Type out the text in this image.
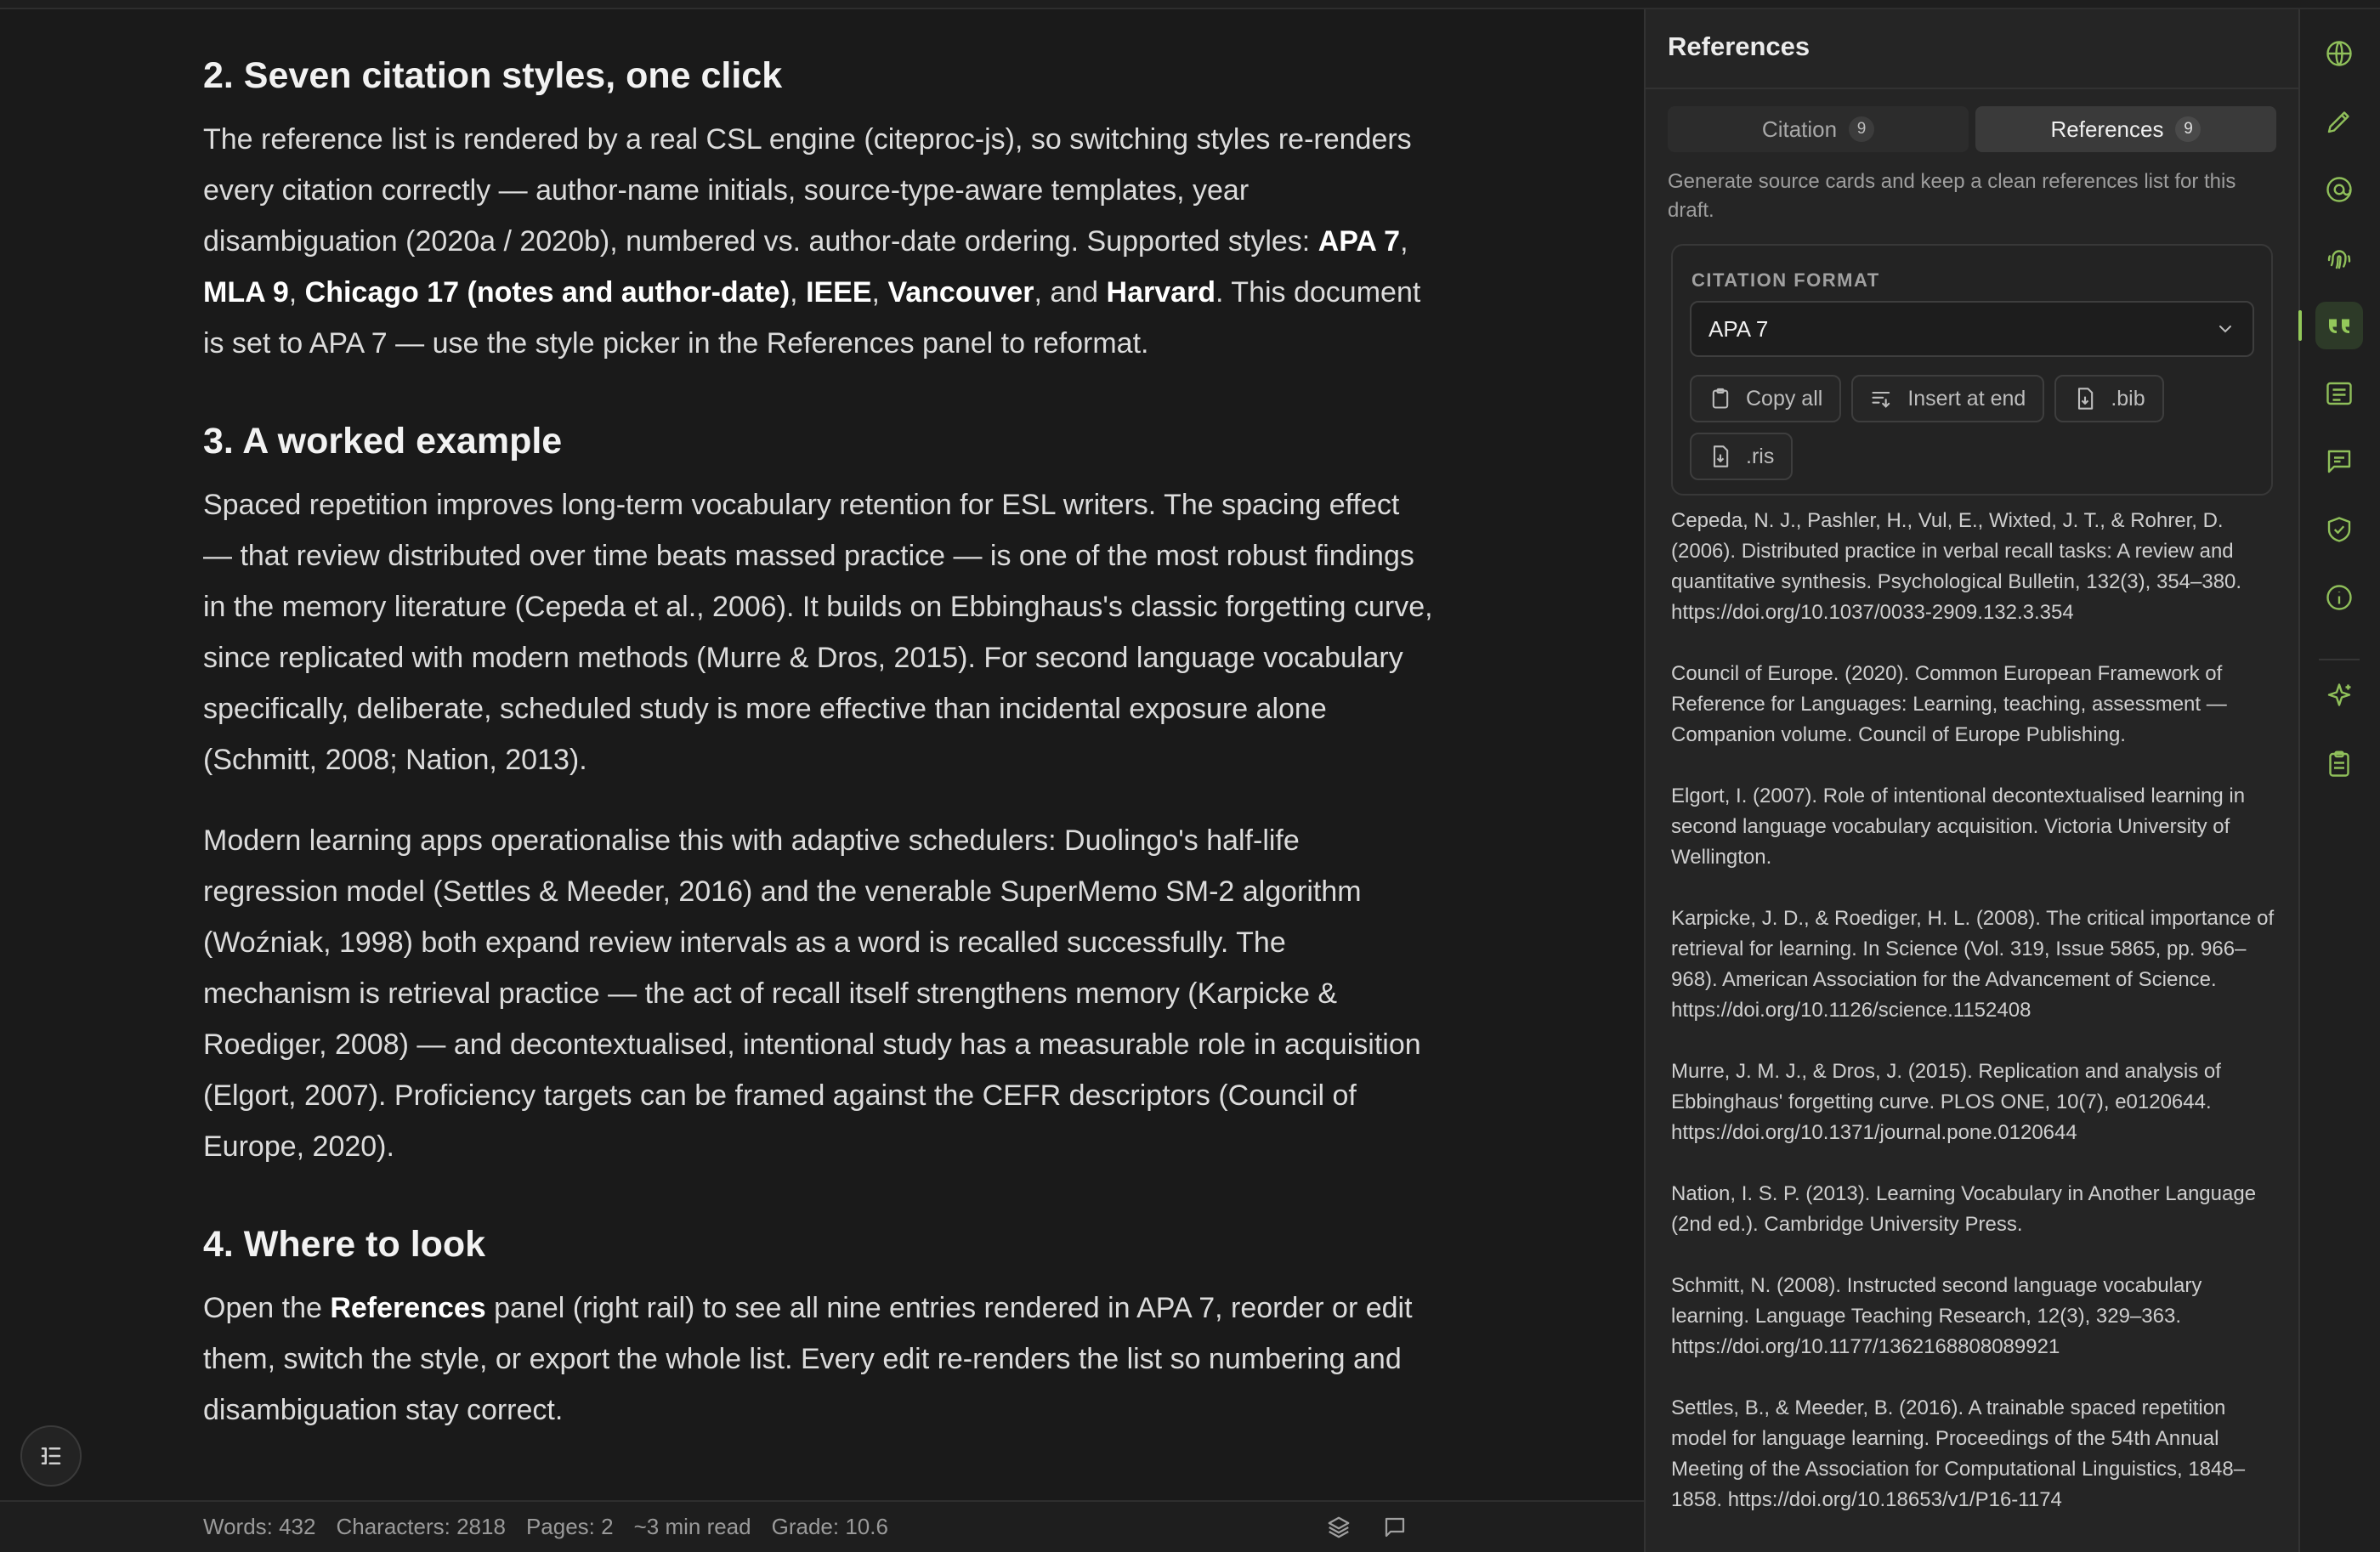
2. Seven citation styles, one click

The reference list is rendered by a real CSL engine (citeproc-js), so switching styles re-renders every citation correctly — author-name initials, source-type-aware templates, year disambiguation (2020a / 2020b), numbered vs. author-date ordering. Supported styles: APA 7, MLA 9, Chicago 17 (notes and author-date), IEEE, Vancouver, and Harvard. This document is set to APA 7 — use the style picker in the References panel to reformat.

3. A worked example

Spaced repetition improves long-term vocabulary retention for ESL writers. The spacing effect — that review distributed over time beats massed practice — is one of the most robust findings in the memory literature (Cepeda et al., 2006). It builds on Ebbinghaus's classic forgetting curve, since replicated with modern methods (Murre & Dros, 2015). For second language vocabulary specifically, deliberate, scheduled study is more effective than incidental exposure alone (Schmitt, 2008; Nation, 2013).

Modern learning apps operationalise this with adaptive schedulers: Duolingo's half-life regression model (Settles & Meeder, 2016) and the venerable SuperMemo SM-2 algorithm (Woźniak, 1998) both expand review intervals as a word is recalled successfully. The mechanism is retrieval practice — the act of recall itself strengthens memory (Karpicke & Roediger, 2008) — and decontextualised, intentional study has a measurable role in acquisition (Elgort, 2007). Proficiency targets can be framed against the CEFR descriptors (Council of Europe, 2020).

4. Where to look

Open the References panel (right rail) to see all nine entries rendered in APA 7, reorder or edit them, switch the style, or export the whole list. Every edit re-renders the list so numbering and disambiguation stay correct.

Words: 432 Characters: 2818 Pages: 2 ~3 min read Grade: 10.6
References
Citation	9	References	9
Generate source cards and keep a clean references list for this draft.
CITATION FORMAT
APA 7
Copy all	Insert at end	.bib
.ris
Cepeda, N. J., Pashler, H., Vul, E., Wixted, J. T., & Rohrer, D. (2006). Distributed practice in verbal recall tasks: A review and quantitative synthesis. Psychological Bulletin, 132(3), 354–380. https://doi.org/10.1037/0033-2909.132.3.354
Council of Europe. (2020). Common European Framework of Reference for Languages: Learning, teaching, assessment — Companion volume. Council of Europe Publishing.
Elgort, I. (2007). Role of intentional decontextualised learning in second language vocabulary acquisition. Victoria University of Wellington.
Karpicke, J. D., & Roediger, H. L. (2008). The critical importance of retrieval for learning. In Science (Vol. 319, Issue 5865, pp. 966–968). American Association for the Advancement of Science. https://doi.org/10.1126/science.1152408
Murre, J. M. J., & Dros, J. (2015). Replication and analysis of Ebbinghaus' forgetting curve. PLOS ONE, 10(7), e0120644. https://doi.org/10.1371/journal.pone.0120644
Nation, I. S. P. (2013). Learning Vocabulary in Another Language (2nd ed.). Cambridge University Press.
Schmitt, N. (2008). Instructed second language vocabulary learning. Language Teaching Research, 12(3), 329–363. https://doi.org/10.1177/1362168808089921
Settles, B., & Meeder, B. (2016). A trainable spaced repetition model for language learning. Proceedings of the 54th Annual Meeting of the Association for Computational Linguistics, 1848–1858. https://doi.org/10.18653/v1/P16-1174
